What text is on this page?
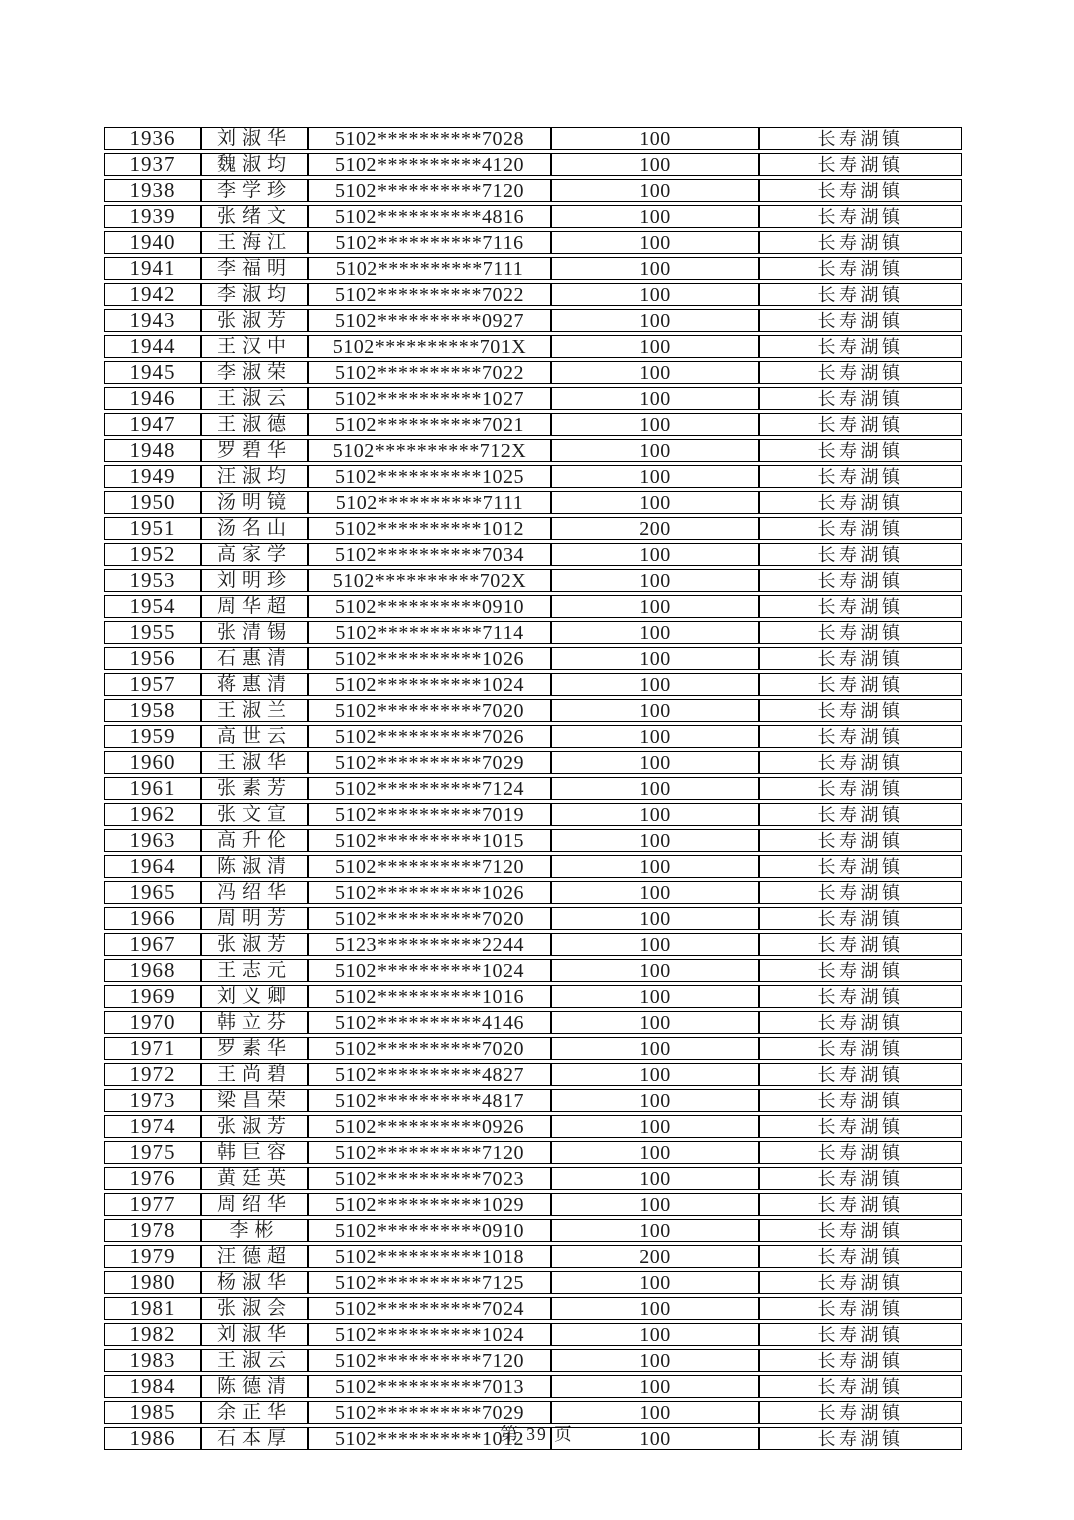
1936	刘淑华	5102**********7028	100	长寿湖镇
1937	魏淑均	5102**********4120	100	长寿湖镇
1938	李学珍	5102**********7120	100	长寿湖镇
1939	张绪文	5102**********4816	100	长寿湖镇
1940	王海江	5102**********7116	100	长寿湖镇
1941	李福明	5102**********7111	100	长寿湖镇
1942	李淑均	5102**********7022	100	长寿湖镇
1943	张淑芳	5102**********0927	100	长寿湖镇
1944	王汉中	5102**********701X	100	长寿湖镇
1945	李淑荣	5102**********7022	100	长寿湖镇
1946	王淑云	5102**********1027	100	长寿湖镇
1947	王淑德	5102**********7021	100	长寿湖镇
1948	罗碧华	5102**********712X	100	长寿湖镇
1949	汪淑均	5102**********1025	100	长寿湖镇
1950	汤明镜	5102**********7111	100	长寿湖镇
1951	汤名山	5102**********1012	200	长寿湖镇
1952	高家学	5102**********7034	100	长寿湖镇
1953	刘明珍	5102**********702X	100	长寿湖镇
1954	周华超	5102**********0910	100	长寿湖镇
1955	张清锡	5102**********7114	100	长寿湖镇
1956	石惠清	5102**********1026	100	长寿湖镇
1957	蒋惠清	5102**********1024	100	长寿湖镇
1958	王淑兰	5102**********7020	100	长寿湖镇
1959	高世云	5102**********7026	100	长寿湖镇
1960	王淑华	5102**********7029	100	长寿湖镇
1961	张素芳	5102**********7124	100	长寿湖镇
1962	张文宣	5102**********7019	100	长寿湖镇
1963	高升伦	5102**********1015	100	长寿湖镇
1964	陈淑清	5102**********7120	100	长寿湖镇
1965	冯绍华	5102**********1026	100	长寿湖镇
1966	周明芳	5102**********7020	100	长寿湖镇
1967	张淑芳	5123**********2244	100	长寿湖镇
1968	王志元	5102**********1024	100	长寿湖镇
1969	刘义卿	5102**********1016	100	长寿湖镇
1970	韩立芬	5102**********4146	100	长寿湖镇
1971	罗素华	5102**********7020	100	长寿湖镇
1972	王尚碧	5102**********4827	100	长寿湖镇
1973	梁昌荣	5102**********4817	100	长寿湖镇
1974	张淑芳	5102**********0926	100	长寿湖镇
1975	韩巨容	5102**********7120	100	长寿湖镇
1976	黄廷英	5102**********7023	100	长寿湖镇
1977	周绍华	5102**********1029	100	长寿湖镇
1978	李彬	5102**********0910	100	长寿湖镇
1979	汪德超	5102**********1018	200	长寿湖镇
1980	杨淑华	5102**********7125	100	长寿湖镇
1981	张淑会	5102**********7024	100	长寿湖镇
1982	刘淑华	5102**********1024	100	长寿湖镇
1983	王淑云	5102**********7120	100	长寿湖镇
1984	陈德清	5102**********7013	100	长寿湖镇
1985	余正华	5102**********7029	100	长寿湖镇
1986	石本厚	5102**********1012	100	长寿湖镇
第 39 页
